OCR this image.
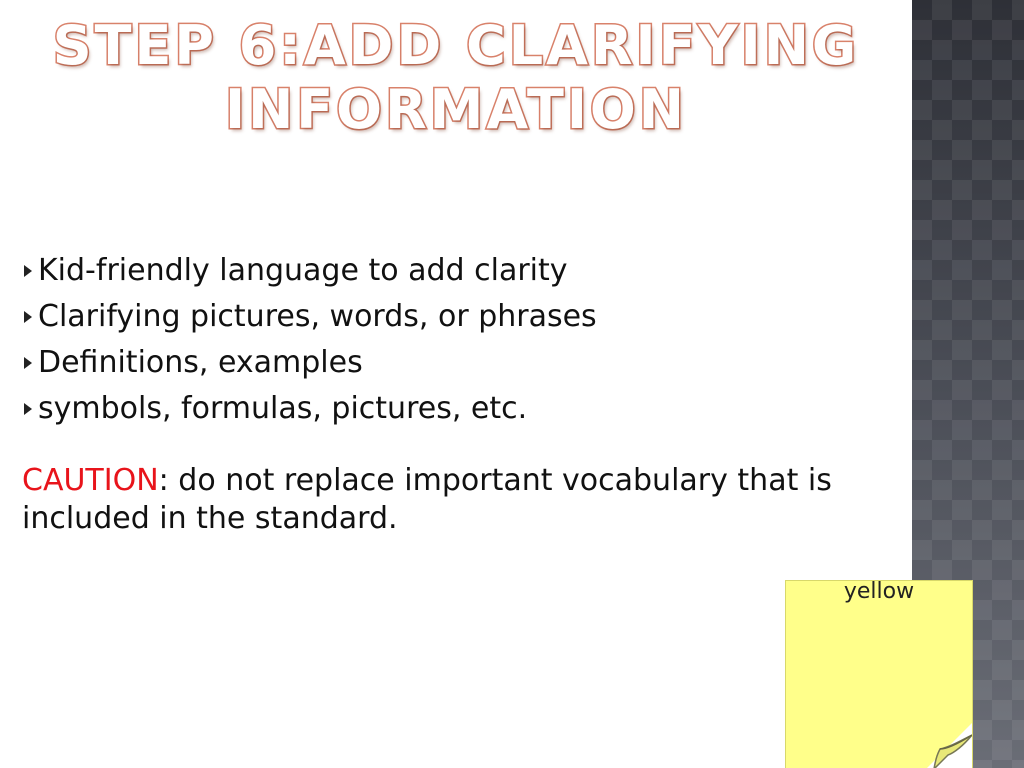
STEP 6:ADD CLARIFYING
INFORMATION
Kid-friendly language to add clarity
Clarifying pictures, words, or phrases
Definitions, examples
symbols, formulas, pictures, etc.

CAUTION: do not replace important vocabulary that is included in the standard.

yellow
